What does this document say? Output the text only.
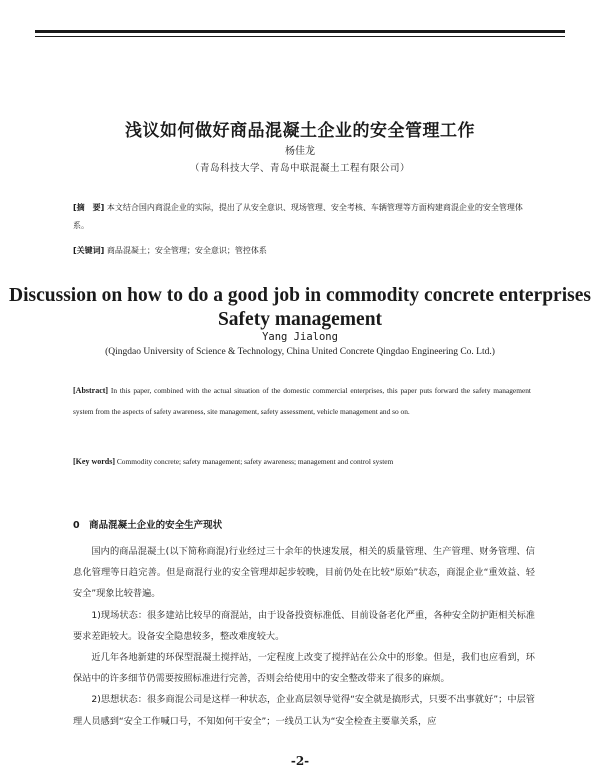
浅议如何做好商品混凝土企业的安全管理工作
杨佳龙
（青岛科技大学、青岛中联混凝土工程有限公司）
[摘　要] 本文结合国内商混企业的实际，提出了从安全意识、现场管理、安全考核、车辆管理等方面构建商混企业的安全管理体系。
[关键词] 商品混凝土；安全管理；安全意识；管控体系
Discussion on how to do a good job in commodity concrete enterprises Safety management
Yang Jialong
(Qingdao University of Science & Technology, China United Concrete Qingdao Engineering Co. Ltd.)
[Abstract] In this paper, combined with the actual situation of the domestic commercial enterprises, this paper puts forward the safety management system from the aspects of safety awareness, site management, safety assessment, vehicle management and so on.
[Key words] Commodity concrete; safety management; safety awareness; management and control system
0　商品混凝土企业的安全生产现状

国内的商品混凝土(以下简称商混)行业经过三十余年的快速发展，相关的质量管理、生产管理、财务管理、信息化管理等日趋完善。但是商混行业的安全管理却起步较晚，目前仍处在比较“原始”状态，商混企业“重效益、轻安全”现象比较普遍。

1)现场状态：很多建站比较早的商混站，由于设备投资标准低、目前设备老化严重，各种安全防护距相关标准要求差距较大。设备安全隐患较多，整改难度较大。

近几年各地新建的环保型混凝土搅拌站，一定程度上改变了搅拌站在公众中的形象。但是，我们也应看到，环保站中的许多细节仍需要按照标准进行完善，否则会给使用中的安全整改带来了很多的麻烦。

2)思想状态：很多商混公司是这样一种状态，企业高层领导觉得“安全就是搞形式，只要不出事就好”；中层管理人员感到“安全工作喊口号，不知如何干安全”；一线员工认为“安全检查主要靠关系，应

-2-
